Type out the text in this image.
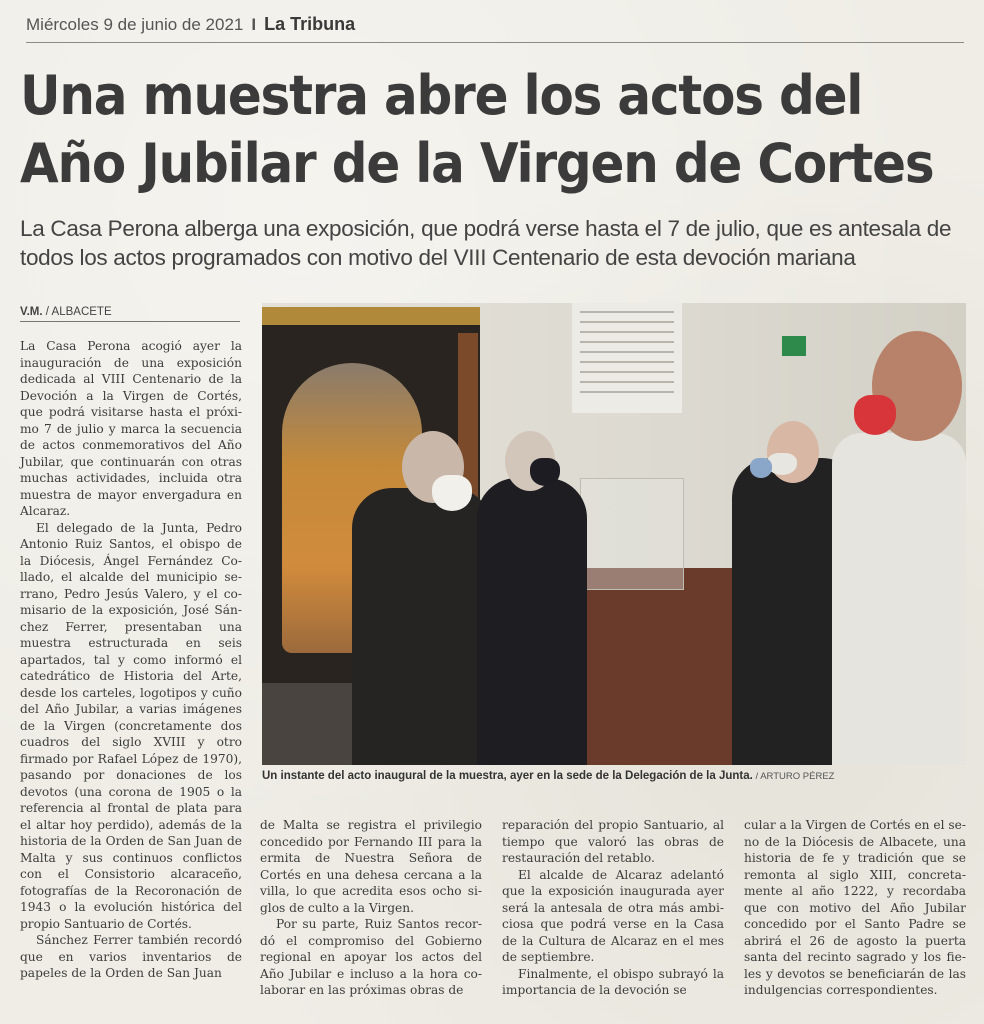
Miércoles 9 de junio de 2021 I La Tribuna
Una muestra abre los actos del
Año Jubilar de la Virgen de Cortes

La Casa Perona alberga una exposición, que podrá verse hasta el 7 de julio, que es antesala de todos los actos programados con motivo del VIII Centenario de esta devoción mariana

V.M. / ALBACETE

La Casa Perona acogió ayer la inauguración de una exposición dedicada al VIII Centenario de la Devoción a la Virgen de Cortés, que podrá visitarse hasta el próximo 7 de julio y marca la secuencia de actos conmemorativos del Año Jubilar, que continuarán con otras muchas actividades, incluida otra muestra de mayor envergadura en Alcaraz.

El delegado de la Junta, Pedro Antonio Ruiz Santos, el obispo de la Diócesis, Ángel Fernández Collado, el alcalde del municipio serrano, Pedro Jesús Valero, y el comisario de la exposición, José Sánchez Ferrer, presentaban una muestra estructurada en seis apartados, tal y como informó el catedrático de Historia del Arte, desde los carteles, logotipos y cuño del Año Jubilar, a varias imágenes de la Virgen (concretamente dos cuadros del siglo XVIII y otro firmado por Rafael López de 1970), pasando por donaciones de los devotos (una corona de 1905 o la referencia al frontal de plata para el altar hoy perdido), además de la historia de la Orden de San Juan de Malta y sus continuos conflictos con el Consistorio alcaraceño, fotografías de la Recoronación de 1943 o la evolución histórica del propio Santuario de Cortés.

Sánchez Ferrer también recordó que en varios inventarios de papeles de la Orden de San Juan

Un instante del acto inaugural de la muestra, ayer en la sede de la Delegación de la Junta. / ARTURO PÉREZ

de Malta se registra el privilegio concedido por Fernando III para la ermita de Nuestra Señora de Cortés en una dehesa cercana a la villa, lo que acredita esos ocho siglos de culto a la Virgen.

Por su parte, Ruiz Santos recordó el compromiso del Gobierno regional en apoyar los actos del Año Jubilar e incluso a la hora colaborar en las próximas obras de

reparación del propio Santuario, al tiempo que valoró las obras de restauración del retablo.

El alcalde de Alcaraz adelantó que la exposición inaugurada ayer será la antesala de otra más ambiciosa que podrá verse en la Casa de la Cultura de Alcaraz en el mes de septiembre.

Finalmente, el obispo subrayó la importancia de la devoción se

cular a la Virgen de Cortés en el seno de la Diócesis de Albacete, una historia de fe y tradición que se remonta al siglo XIII, concretamente al año 1222, y recordaba que con motivo del Año Jubilar concedido por el Santo Padre se abrirá el 26 de agosto la puerta santa del recinto sagrado y los fieles y devotos se beneficiarán de las indulgencias correspondientes.
